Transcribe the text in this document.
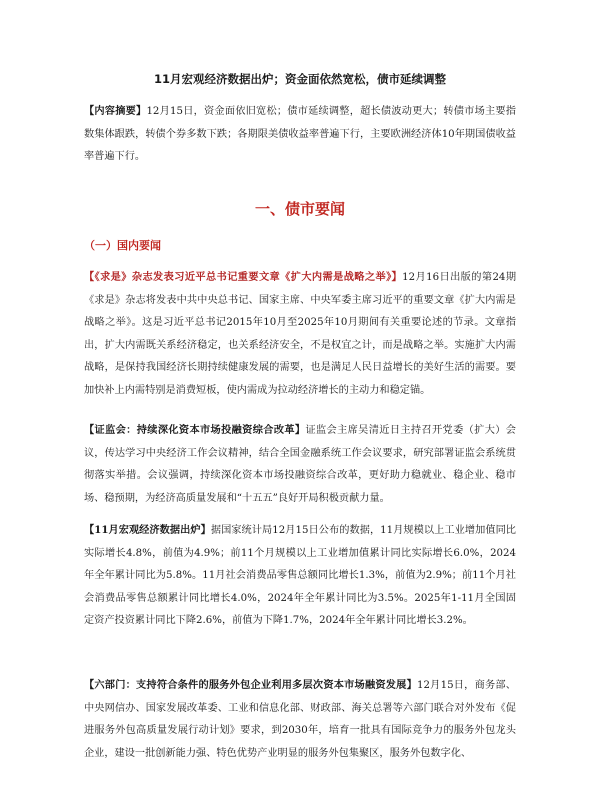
11月宏观经济数据出炉；资金面依然宽松，债市延续调整

【内容摘要】12月15日，资金面依旧宽松；债市延续调整，超长债波动更大；转债市场主要指数集体跟跌，转债个券多数下跌；各期限美债收益率普遍下行，主要欧洲经济体10年期国债收益率普遍下行。

一、债市要闻
（一）国内要闻

【《求是》杂志发表习近平总书记重要文章《扩大内需是战略之举》】12月16日出版的第24期《求是》杂志将发表中共中央总书记、国家主席、中央军委主席习近平的重要文章《扩大内需是战略之举》。这是习近平总书记2015年10月至2025年10月期间有关重要论述的节录。文章指出，扩大内需既关系经济稳定，也关系经济安全，不是权宜之计，而是战略之举。实施扩大内需战略，是保持我国经济长期持续健康发展的需要，也是满足人民日益增长的美好生活的需要。要加快补上内需特别是消费短板，使内需成为拉动经济增长的主动力和稳定锚。

【证监会：持续深化资本市场投融资综合改革】证监会主席吴清近日主持召开党委（扩大）会议，传达学习中央经济工作会议精神，结合全国金融系统工作会议要求，研究部署证监会系统贯彻落实举措。会议强调，持续深化资本市场投融资综合改革，更好助力稳就业、稳企业、稳市场、稳预期，为经济高质量发展和“十五五”良好开局积极贡献力量。

【11月宏观经济数据出炉】据国家统计局12月15日公布的数据，11月规模以上工业增加值同比实际增长4.8%，前值为4.9%；前11个月规模以上工业增加值累计同比实际增长6.0%，2024年全年累计同比为5.8%。11月社会消费品零售总额同比增长1.3%，前值为2.9%；前11个月社会消费品零售总额累计同比增长4.0%，2024年全年累计同比为3.5%。2025年1-11月全国固定资产投资累计同比下降2.6%，前值为下降1.7%，2024年全年累计同比增长3.2%。

【六部门：支持符合条件的服务外包企业利用多层次资本市场融资发展】12月15日，商务部、中央网信办、国家发展改革委、工业和信息化部、财政部、海关总署等六部门联合对外发布《促进服务外包高质量发展行动计划》要求，到2030年，培育一批具有国际竞争力的服务外包龙头企业，建设一批创新能力强、特色优势产业明显的服务外包集聚区，服务外包数字化、
